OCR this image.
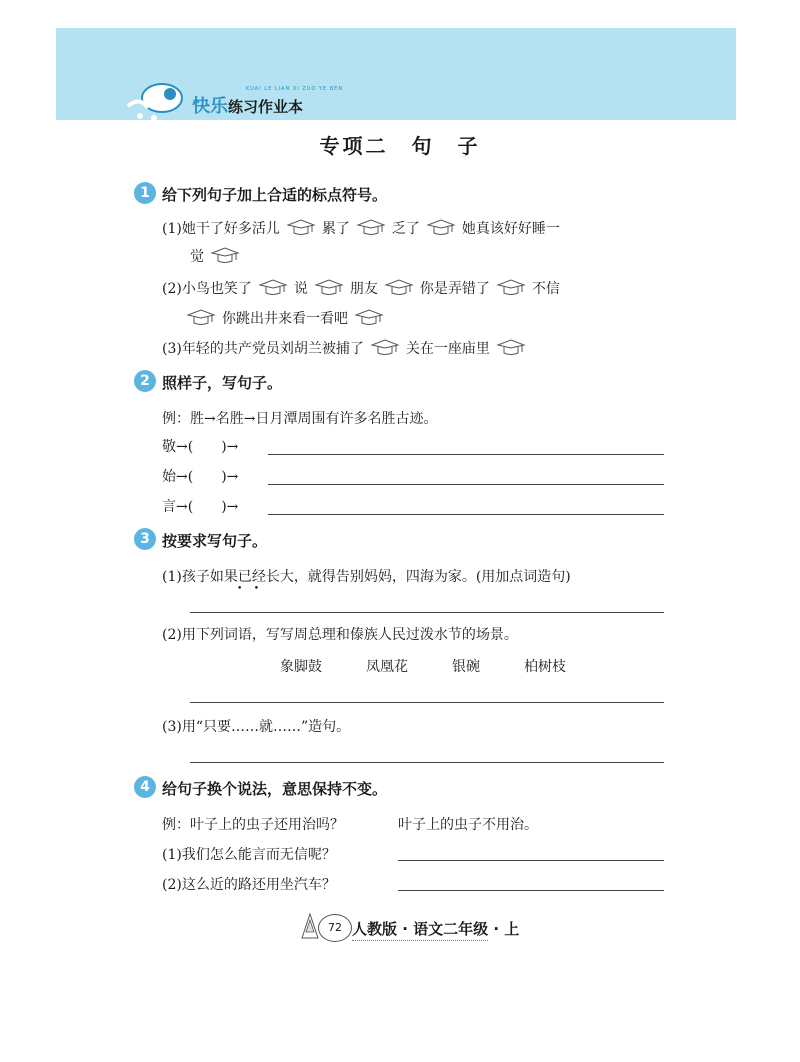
快乐练习作业本
KUAI LE LIAN XI ZUO YE BEN
专项二　句　子
1 给下列句子加上合适的标点符号。
(1)她干了好多活儿	累了	乏了	她真该好好睡一
觉
(2)小鸟也笑了	说	朋友	你是弄错了	不信
你跳出井来看一看吧
(3)年轻的共产党员刘胡兰被捕了	关在一座庙里
2 照样子，写句子。
例：胜→名胜→日月潭周围有许多名胜古迹。
敬→(　　)→
始→(　　)→
言→(　　)→
3 按要求写句子。
(1)孩子如果已经长大，就得告别妈妈，四海为家。(用加点词造句)
•    •
(2)用下列词语，写写周总理和傣族人民过泼水节的场景。
象脚鼓	凤凰花	银碗	柏树枝
(3)用“只要……就……”造句。
4 给句子换个说法，意思保持不变。
例：叶子上的虫子还用治吗？	叶子上的虫子不用治。
(1)我们怎么能言而无信呢？
(2)这么近的路还用坐汽车？
72 人教版 · 语文二年级 · 上
